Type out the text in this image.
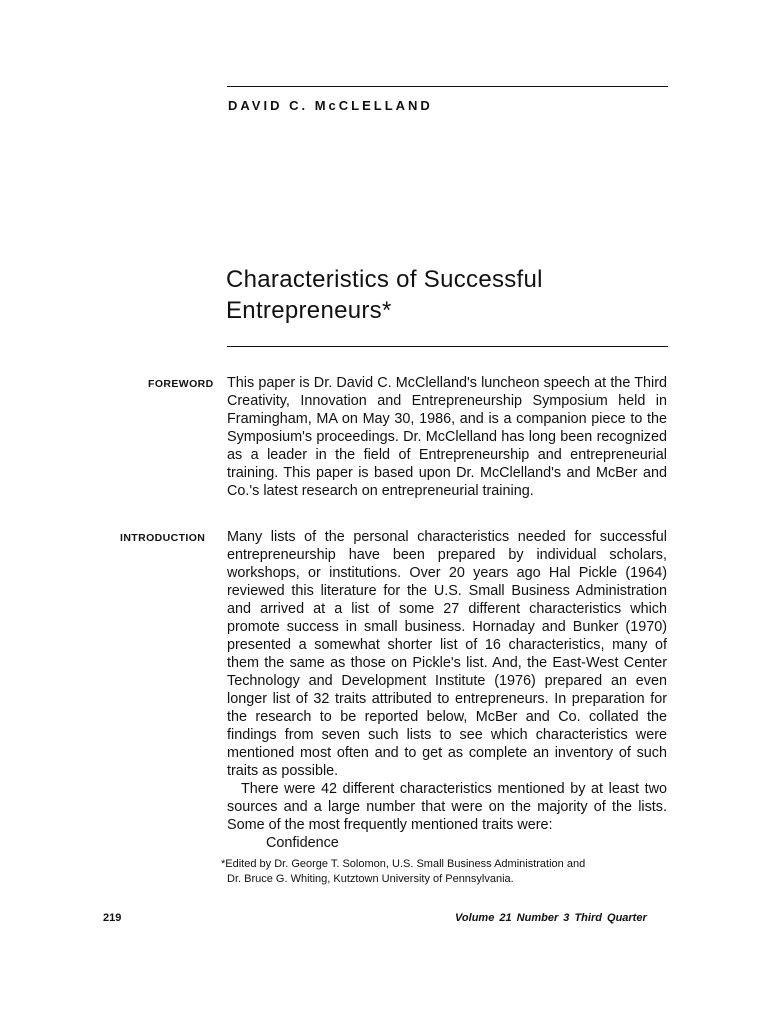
DAVID C. McCLELLAND
Characteristics of Successful
Entrepreneurs*
FOREWORD This paper is Dr. David C. McClelland's luncheon speech at the Third Creativity, Innovation and Entrepreneurship Symposium held in Framingham, MA on May 30, 1986, and is a companion piece to the Symposium's proceedings. Dr. McClelland has long been recognized as a leader in the field of Entrepreneurship and entrepreneurial training. This paper is based upon Dr. McClelland's and McBer and Co.'s latest research on entrepreneurial training.

INTRODUCTION Many lists of the personal characteristics needed for successful entrepreneurship have been prepared by individual scholars, workshops, or institutions. Over 20 years ago Hal Pickle (1964) reviewed this literature for the U.S. Small Business Administration and arrived at a list of some 27 different characteristics which promote success in small business. Hornaday and Bunker (1970) presented a somewhat shorter list of 16 characteristics, many of them the same as those on Pickle's list. And, the East-West Center Technology and Development Institute (1976) prepared an even longer list of 32 traits attributed to entrepreneurs. In preparation for the research to be reported below, McBer and Co. collated the findings from seven such lists to see which characteristics were mentioned most often and to get as complete an inventory of such traits as possible.

There were 42 different characteristics mentioned by at least two sources and a large number that were on the majority of the lists. Some of the most frequently mentioned traits were:

Confidence
*Edited by Dr. George T. Solomon, U.S. Small Business Administration and
Dr. Bruce G. Whiting, Kutztown University of Pennsylvania.
219	Volume 21 Number 3 Third Quarter
